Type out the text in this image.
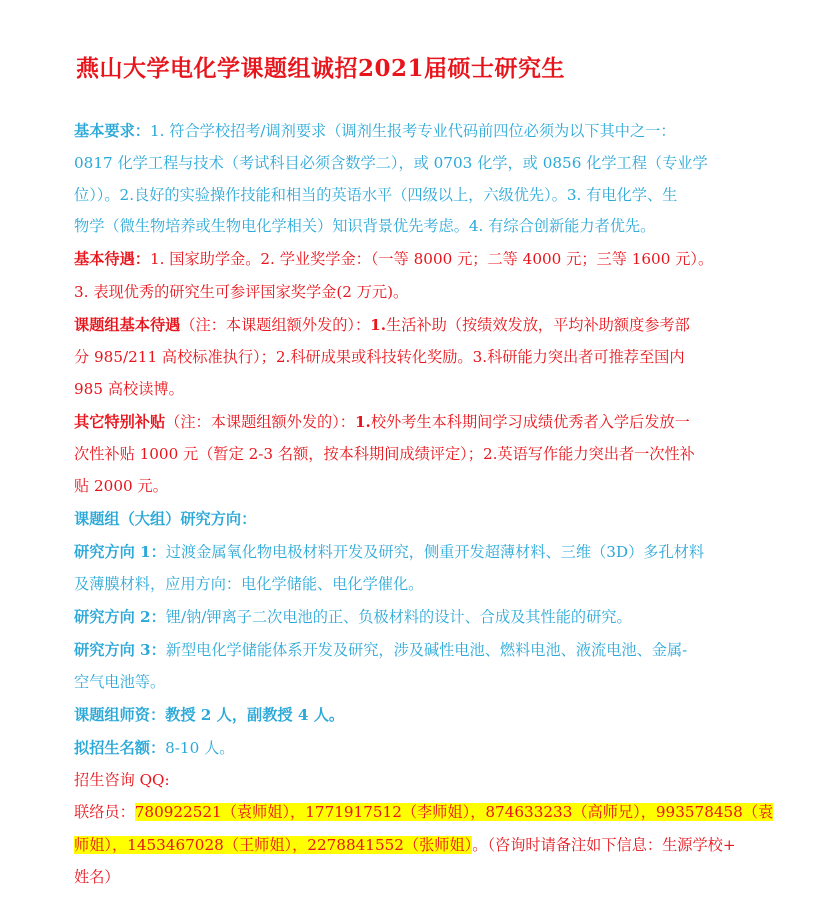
燕山大学电化学课题组诚招2021届硕士研究生
基本要求：1. 符合学校招考/调剂要求（调剂生报考专业代码前四位必须为以下其中之一：
0817 化学工程与技术（考试科目必须含数学二），或 0703 化学，或 0856 化学工程（专业学
位））。2.良好的实验操作技能和相当的英语水平（四级以上，六级优先）。3. 有电化学、生
物学（微生物培养或生物电化学相关）知识背景优先考虑。4. 有综合创新能力者优先。
基本待遇：1. 国家助学金。2. 学业奖学金：（一等 8000 元；二等 4000 元；三等 1600 元）。
3. 表现优秀的研究生可参评国家奖学金(2 万元)。
课题组基本待遇（注：本课题组额外发的）：1.生活补助（按绩效发放，平均补助额度参考部
分 985/211 高校标准执行）；2.科研成果或科技转化奖励。3.科研能力突出者可推荐至国内
985 高校读博。
其它特别补贴（注：本课题组额外发的）：1.校外考生本科期间学习成绩优秀者入学后发放一
次性补贴 1000 元（暂定 2-3 名额，按本科期间成绩评定）；2.英语写作能力突出者一次性补
贴 2000 元。
课题组（大组）研究方向：
研究方向 1：过渡金属氧化物电极材料开发及研究，侧重开发超薄材料、三维（3D）多孔材料
及薄膜材料，应用方向：电化学储能、电化学催化。
研究方向 2：锂/钠/钾离子二次电池的正、负极材料的设计、合成及其性能的研究。
研究方向 3：新型电化学储能体系开发及研究，涉及碱性电池、燃料电池、液流电池、金属-
空气电池等。
课题组师资：教授 2 人，副教授 4 人。
拟招生名额：8-10 人。
招生咨询 QQ:
联络员：780922521（袁师姐），1771917512（李师姐），874633233（高师兄），993578458（袁
师姐），1453467028（王师姐），2278841552（张师姐）。（咨询时请备注如下信息：生源学校+
姓名）
